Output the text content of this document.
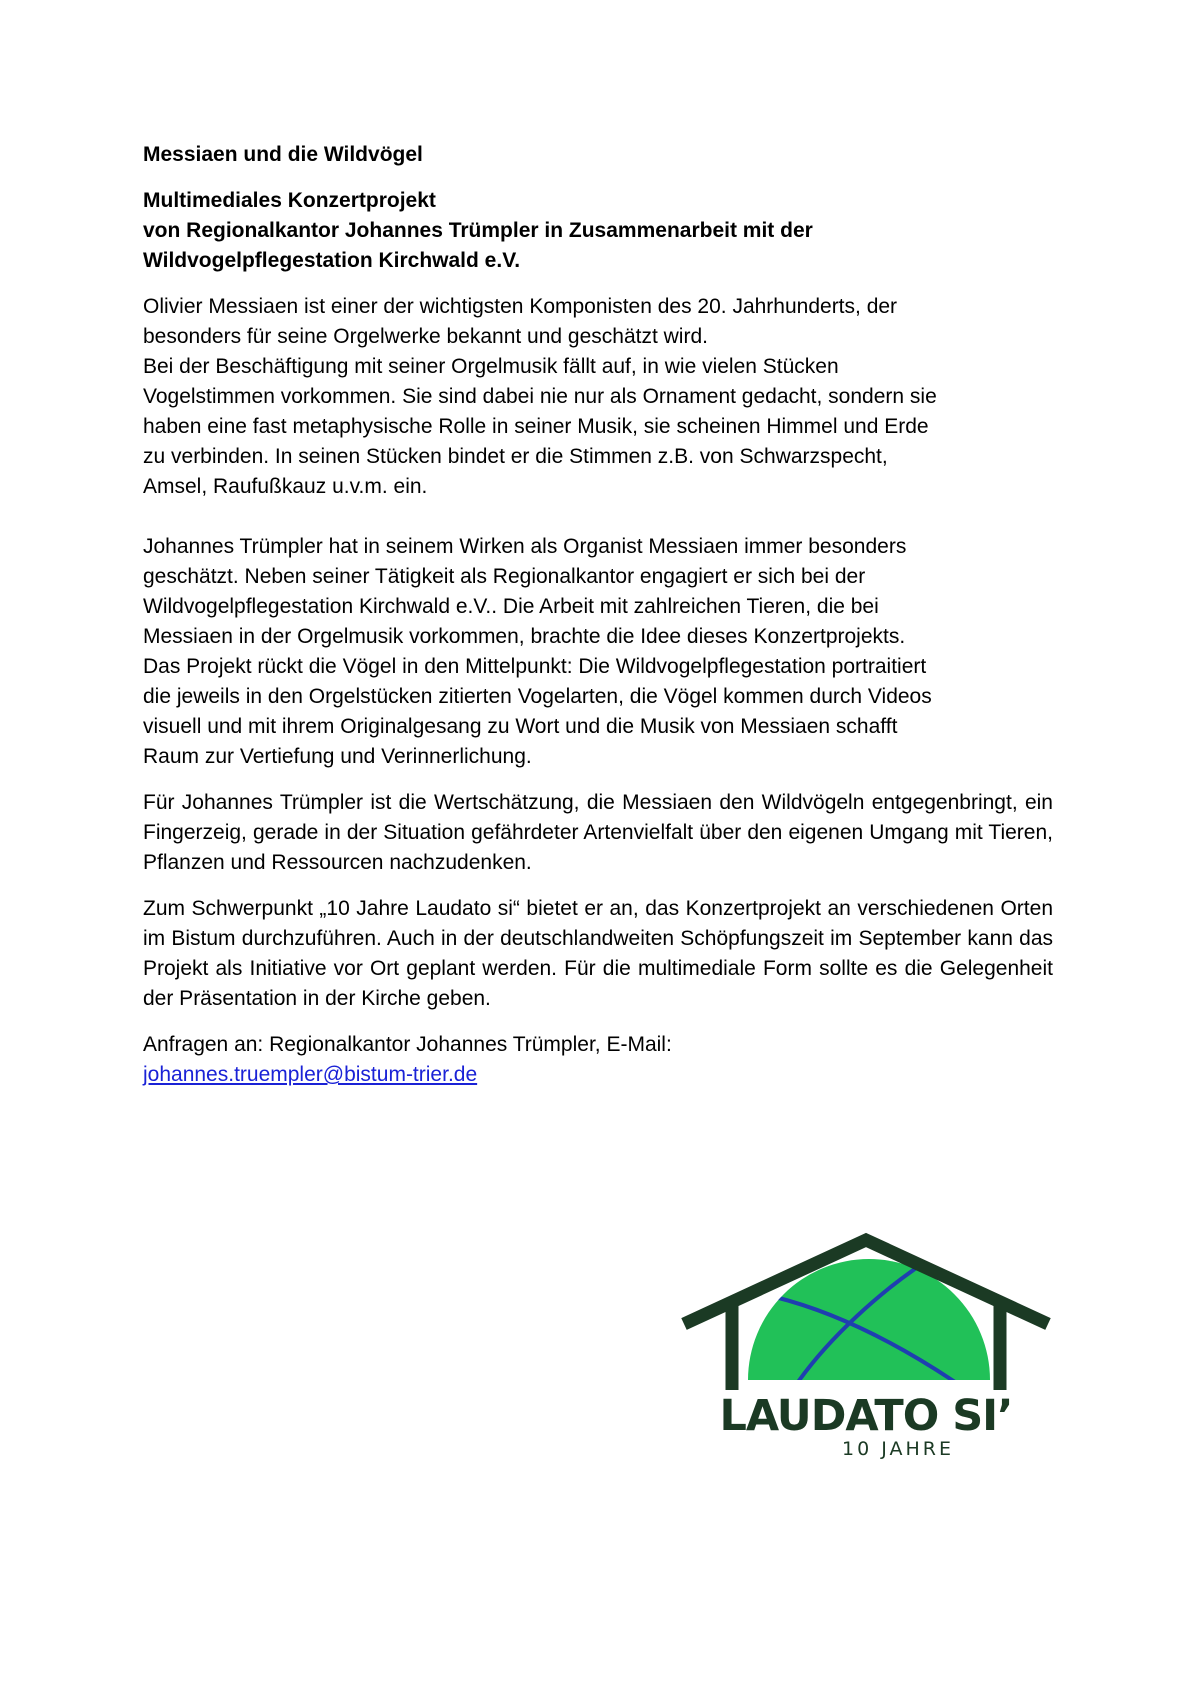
Messiaen und die Wildvögel
Multimediales Konzertprojekt
von Regionalkantor Johannes Trümpler in Zusammenarbeit mit der
Wildvogelpflegestation Kirchwald e.V.
Olivier Messiaen ist einer der wichtigsten Komponisten des 20. Jahrhunderts, der
besonders für seine Orgelwerke bekannt und geschätzt wird.
Bei der Beschäftigung mit seiner Orgelmusik fällt auf, in wie vielen Stücken
Vogelstimmen vorkommen. Sie sind dabei nie nur als Ornament gedacht, sondern sie
haben eine fast metaphysische Rolle in seiner Musik, sie scheinen Himmel und Erde
zu verbinden. In seinen Stücken bindet er die Stimmen z.B. von Schwarzspecht,
Amsel, Raufußkauz u.v.m. ein.
Johannes Trümpler hat in seinem Wirken als Organist Messiaen immer besonders
geschätzt. Neben seiner Tätigkeit als Regionalkantor engagiert er sich bei der
Wildvogelpflegestation Kirchwald e.V.. Die Arbeit mit zahlreichen Tieren, die bei
Messiaen in der Orgelmusik vorkommen, brachte die Idee dieses Konzertprojekts.
Das Projekt rückt die Vögel in den Mittelpunkt: Die Wildvogelpflegestation portraitiert
die jeweils in den Orgelstücken zitierten Vogelarten, die Vögel kommen durch Videos
visuell und mit ihrem Originalgesang zu Wort und die Musik von Messiaen schafft
Raum zur Vertiefung und Verinnerlichung.
Für Johannes Trümpler ist die Wertschätzung, die Messiaen den Wildvögeln entgegenbringt, ein Fingerzeig, gerade in der Situation gefährdeter Artenvielfalt über den eigenen Umgang mit Tieren, Pflanzen und Ressourcen nachzudenken.
Zum Schwerpunkt „10 Jahre Laudato si“ bietet er an, das Konzertprojekt an verschiedenen Orten im Bistum durchzuführen. Auch in der deutschlandweiten Schöpfungszeit im September kann das Projekt als Initiative vor Ort geplant werden. Für die multimediale Form sollte es die Gelegenheit der Präsentation in der Kirche geben.
Anfragen an: Regionalkantor Johannes Trümpler, E-Mail:
johannes.truempler@bistum-trier.de
LAUDATO SI’
10 JAHRE
